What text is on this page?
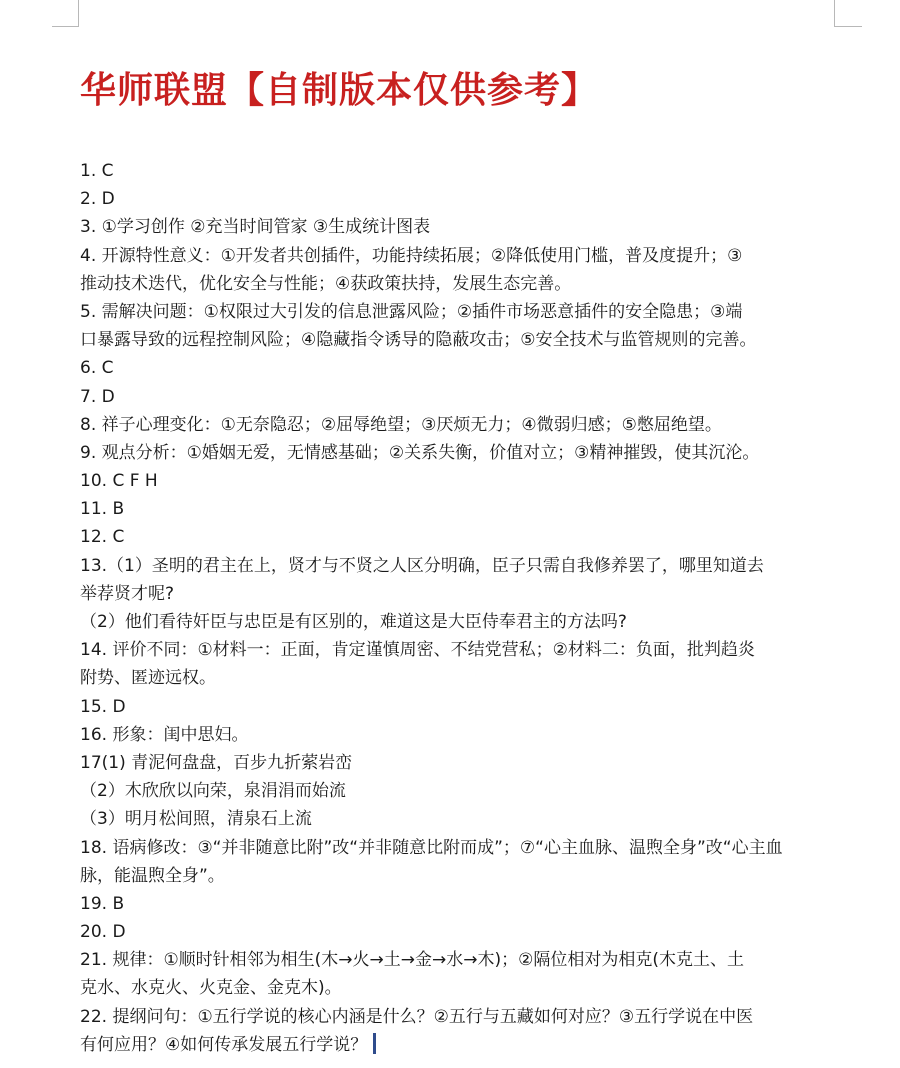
华师联盟【自制版本仅供参考】
1. C
2. D
3. ①学习创作 ②充当时间管家 ③生成统计图表
4. 开源特性意义：①开发者共创插件，功能持续拓展；②降低使用门槛，普及度提升；③
推动技术迭代，优化安全与性能；④获政策扶持，发展生态完善。
5. 需解决问题：①权限过大引发的信息泄露风险；②插件市场恶意插件的安全隐患；③端
口暴露导致的远程控制风险；④隐藏指令诱导的隐蔽攻击；⑤安全技术与监管规则的完善。
6. C
7. D
8. 祥子心理变化：①无奈隐忍；②屈辱绝望；③厌烦无力；④微弱归感；⑤憋屈绝望。
9. 观点分析：①婚姻无爱，无情感基础；②关系失衡，价值对立；③精神摧毁，使其沉沦。
10. C F H
11. B
12. C
13.（1）圣明的君主在上，贤才与不贤之人区分明确，臣子只需自我修养罢了，哪里知道去
举荐贤才呢?
（2）他们看待奸臣与忠臣是有区别的，难道这是大臣侍奉君主的方法吗?
14. 评价不同：①材料一：正面，肯定谨慎周密、不结党营私；②材料二：负面，批判趋炎
附势、匿迹远权。
15. D
16. 形象：闺中思妇。
17(1) 青泥何盘盘，百步九折萦岩峦
（2）木欣欣以向荣，泉涓涓而始流
（3）明月松间照，清泉石上流
18. 语病修改：③“并非随意比附”改“并非随意比附而成”；⑦“心主血脉、温煦全身”改“心主血
脉，能温煦全身”。
19. B
20. D
21. 规律：①顺时针相邻为相生(木→火→土→金→水→木)；②隔位相对为相克(木克土、土
克水、水克火、火克金、金克木)。
22. 提纲问句：①五行学说的核心内涵是什么？②五行与五藏如何对应？③五行学说在中医
有何应用？④如何传承发展五行学说？
